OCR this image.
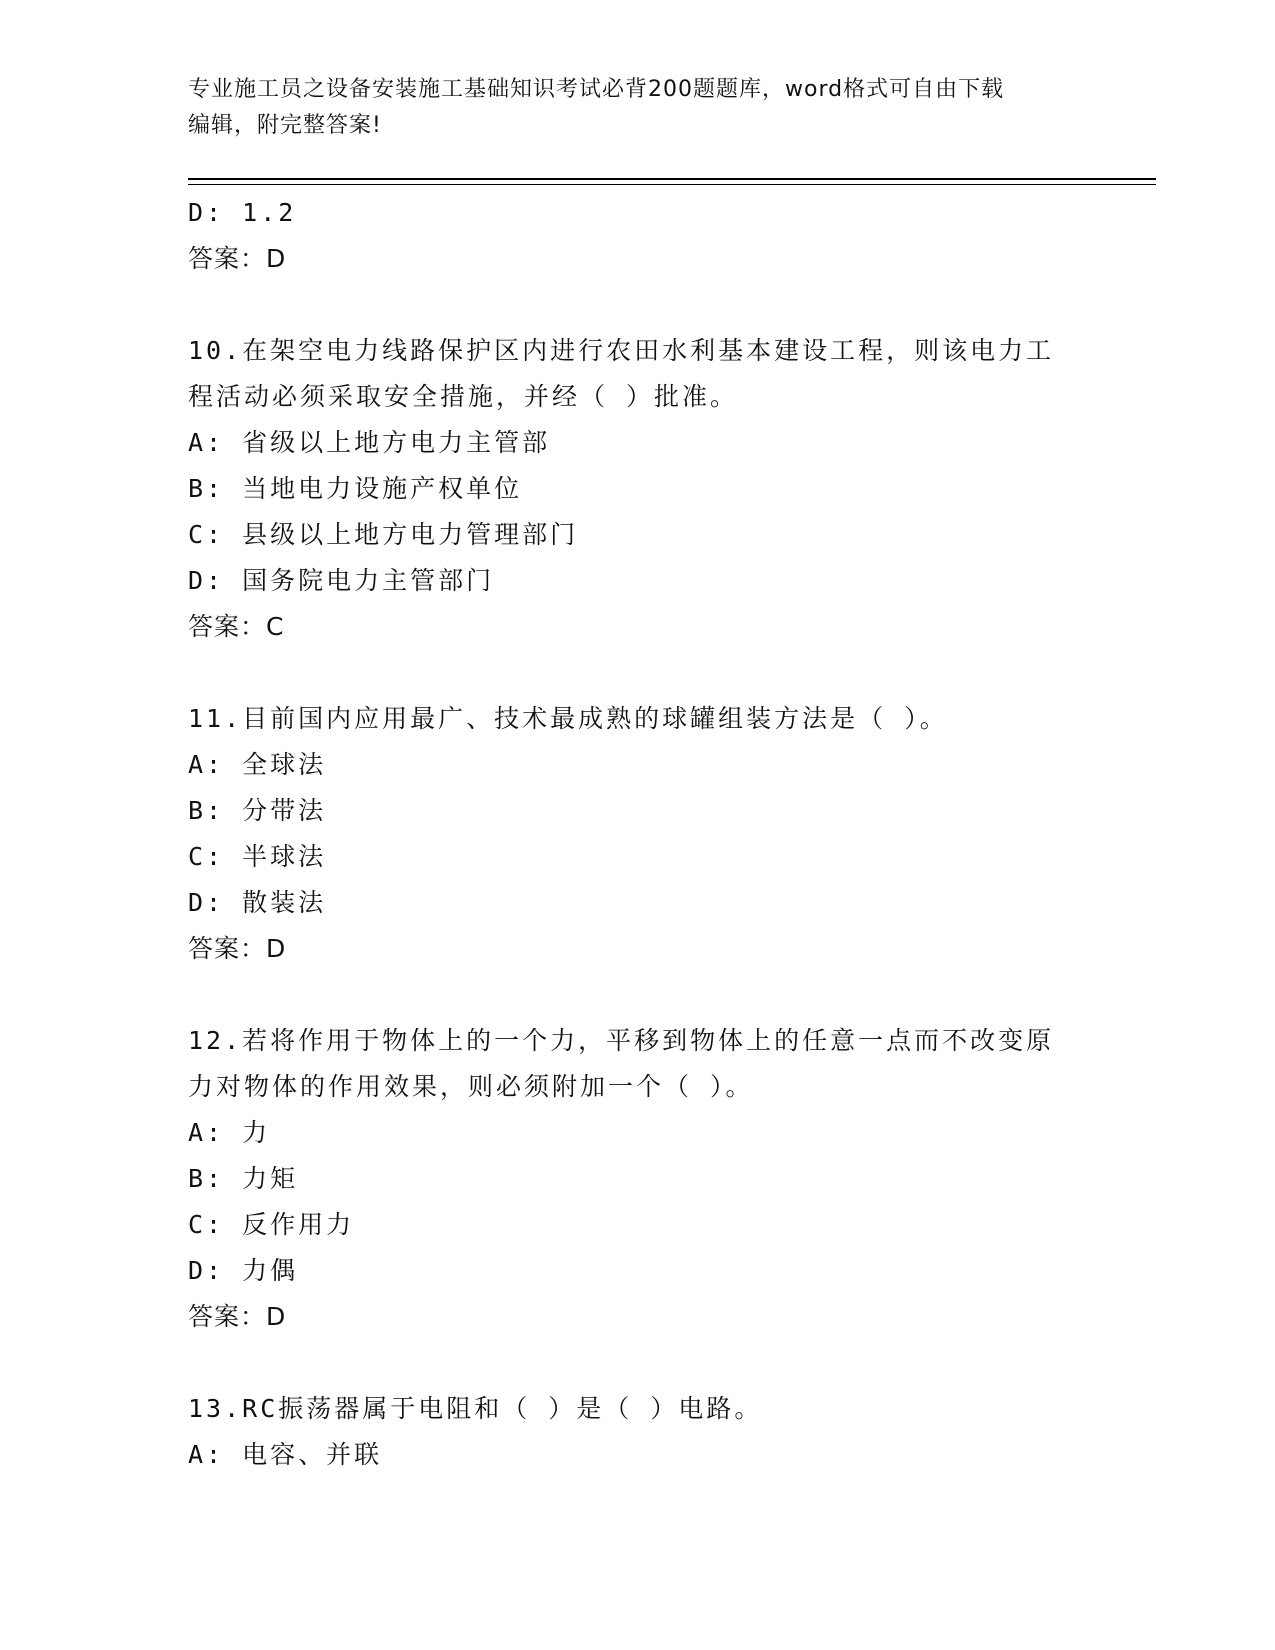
专业施工员之设备安装施工基础知识考试必背200题题库，word格式可自由下载
编辑，附完整答案!
D: 1.2
答案：D
10.在架空电力线路保护区内进行农田水利基本建设工程，则该电力工
程活动必须采取安全措施，并经（ ）批准。
A: 省级以上地方电力主管部
B: 当地电力设施产权单位
C: 县级以上地方电力管理部门
D: 国务院电力主管部门
答案：C
11.目前国内应用最广、技术最成熟的球罐组装方法是（ ）。
A: 全球法
B: 分带法
C: 半球法
D: 散装法
答案：D
12.若将作用于物体上的一个力，平移到物体上的任意一点而不改变原
力对物体的作用效果，则必须附加一个（ ）。
A: 力
B: 力矩
C: 反作用力
D: 力偶
答案：D
13.RC振荡器属于电阻和（ ）是（ ）电路。
A: 电容、并联
